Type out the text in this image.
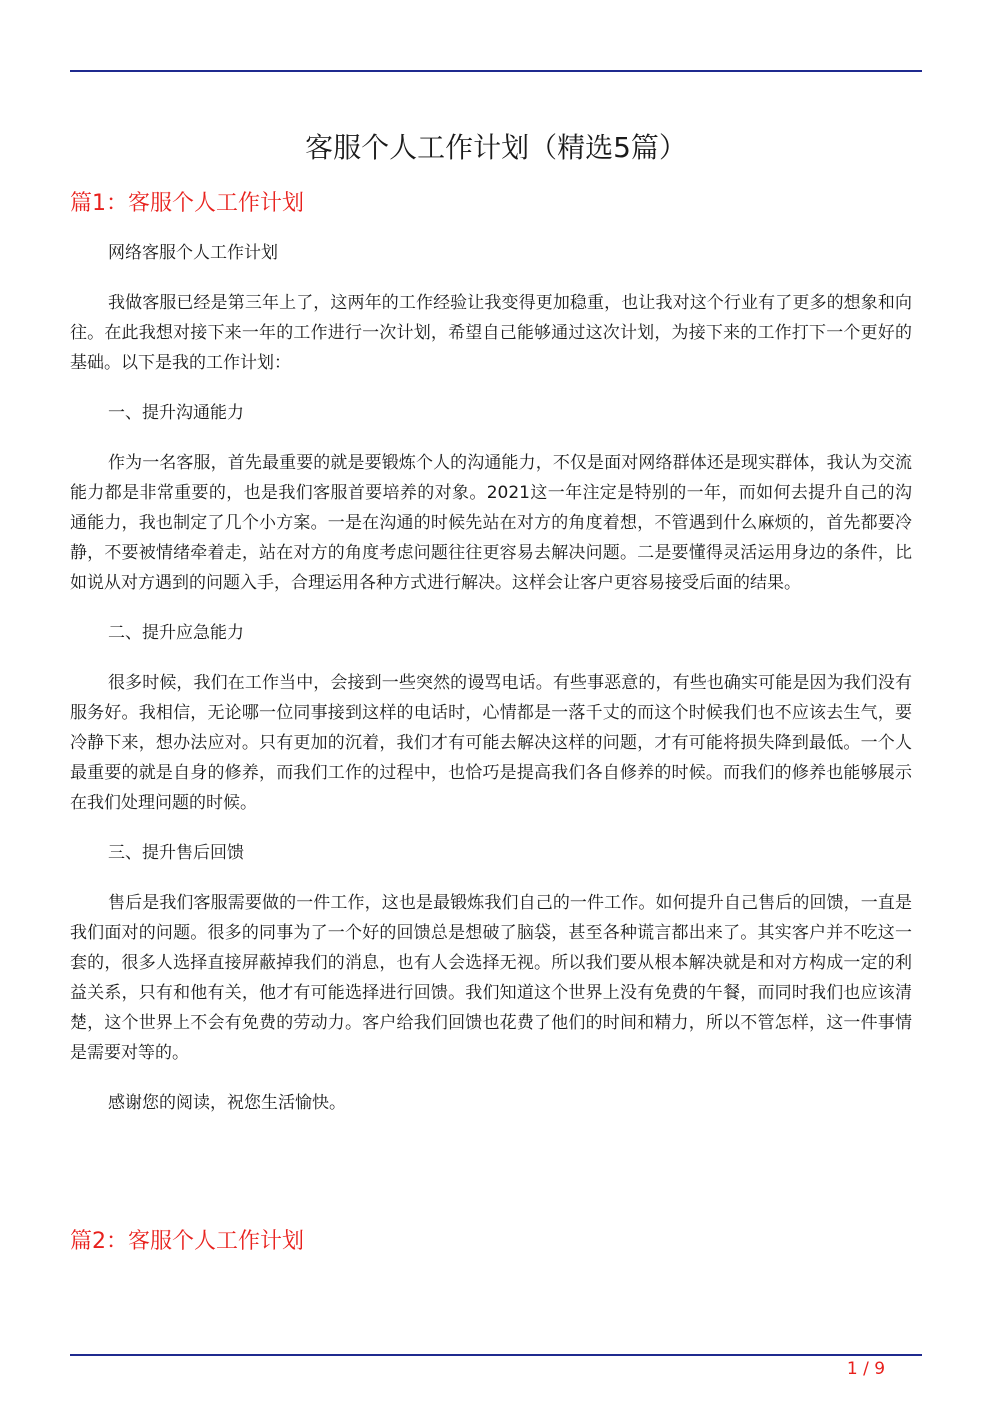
客服个人工作计划（精选5篇）
篇1：客服个人工作计划

网络客服个人工作计划

我做客服已经是第三年上了，这两年的工作经验让我变得更加稳重，也让我对这个行业有了更多的想象和向往。在此我想对接下来一年的工作进行一次计划，希望自己能够通过这次计划，为接下来的工作打下一个更好的基础。以下是我的工作计划：

一、提升沟通能力

作为一名客服，首先最重要的就是要锻炼个人的沟通能力，不仅是面对网络群体还是现实群体，我认为交流能力都是非常重要的，也是我们客服首要培养的对象。2021这一年注定是特别的一年，而如何去提升自己的沟通能力，我也制定了几个小方案。一是在沟通的时候先站在对方的角度着想，不管遇到什么麻烦的，首先都要冷静，不要被情绪牵着走，站在对方的角度考虑问题往往更容易去解决问题。二是要懂得灵活运用身边的条件，比如说从对方遇到的问题入手，合理运用各种方式进行解决。这样会让客户更容易接受后面的结果。

二、提升应急能力

很多时候，我们在工作当中，会接到一些突然的谩骂电话。有些事恶意的，有些也确实可能是因为我们没有服务好。我相信，无论哪一位同事接到这样的电话时，心情都是一落千丈的而这个时候我们也不应该去生气，要冷静下来，想办法应对。只有更加的沉着，我们才有可能去解决这样的问题，才有可能将损失降到最低。一个人最重要的就是自身的修养，而我们工作的过程中，也恰巧是提高我们各自修养的时候。而我们的修养也能够展示在我们处理问题的时候。

三、提升售后回馈

售后是我们客服需要做的一件工作，这也是最锻炼我们自己的一件工作。如何提升自己售后的回馈，一直是我们面对的问题。很多的同事为了一个好的回馈总是想破了脑袋，甚至各种谎言都出来了。其实客户并不吃这一套的，很多人选择直接屏蔽掉我们的消息，也有人会选择无视。所以我们要从根本解决就是和对方构成一定的利益关系，只有和他有关，他才有可能选择进行回馈。我们知道这个世界上没有免费的午餐，而同时我们也应该清楚，这个世界上不会有免费的劳动力。客户给我们回馈也花费了他们的时间和精力，所以不管怎样，这一件事情是需要对等的。

感谢您的阅读，祝您生活愉快。

篇2：客服个人工作计划
1 / 9
